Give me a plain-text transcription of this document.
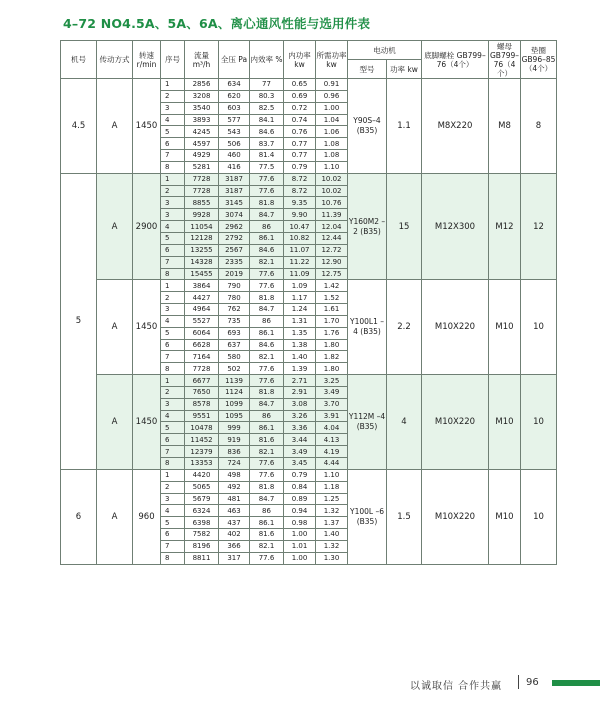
4–72 NO4.5A、5A、6A、离心通风性能与选用件表
机号	传动方式	转速 r/min	序号	流量 m³/h	全压 Pa	内效率 %	内功率 kw	所需功率 kw	电动机		底脚螺栓 GB799–76（4个）	螺母 GB799–76（4个）	垫圈 GB96–85（4个）
									型号	功率 kw			
4.5	A	1450	1	2856	634	77	0.65	0.91	Y90S–4 (B35)	1.1	M8X220	M8	8
			2	3208	620	80.3	0.69	0.96					
			3	3540	603	82.5	0.72	1.00					
			4	3893	577	84.1	0.74	1.04					
			5	4245	543	84.6	0.76	1.06					
			6	4597	506	83.7	0.77	1.08					
			7	4929	460	81.4	0.77	1.08					
			8	5281	416	77.5	0.79	1.10					
5	A	2900	1	7728	3187	77.6	8.72	10.02	Y160M2 –2 (B35)	15	M12X300	M12	12
			2	7728	3187	77.6	8.72	10.02					
			3	8855	3145	81.8	9.35	10.76					
			3	9928	3074	84.7	9.90	11.39					
			4	11054	2962	86	10.47	12.04					
			5	12128	2792	86.1	10.82	12.44					
			6	13255	2567	84.6	11.07	12.72					
			7	14328	2335	82.1	11.22	12.90					
			8	15455	2019	77.6	11.09	12.75					
	A	1450	1	3864	790	77.6	1.09	1.42	Y100L1 –4 (B35)	2.2	M10X220	M10	10
			2	4427	780	81.8	1.17	1.52					
			3	4964	762	84.7	1.24	1.61					
			4	5527	735	86	1.31	1.70					
			5	6064	693	86.1	1.35	1.76					
			6	6628	637	84.6	1.38	1.80					
			7	7164	580	82.1	1.40	1.82					
			8	7728	502	77.6	1.39	1.80					
	A	1450	1	6677	1139	77.6	2.71	3.25	Y112M –4 (B35)	4	M10X220	M10	10
			2	7650	1124	81.8	2.91	3.49					
			3	8578	1099	84.7	3.08	3.70					
			4	9551	1095	86	3.26	3.91					
			5	10478	999	86.1	3.36	4.04					
			6	11452	919	81.6	3.44	4.13					
			7	12379	836	82.1	3.49	4.19					
			8	13353	724	77.6	3.45	4.44					
6	A	960	1	4420	498	77.6	0.79	1.10	Y100L –6 (B35)	1.5	M10X220	M10	10
			2	5065	492	81.8	0.84	1.18					
			3	5679	481	84.7	0.89	1.25					
			4	6324	463	86	0.94	1.32					
			5	6398	437	86.1	0.98	1.37					
			6	7582	402	81.6	1.00	1.40					
			7	8196	366	82.1	1.01	1.32					
			8	8811	317	77.6	1.00	1.30					
以诚取信 合作共赢 96
